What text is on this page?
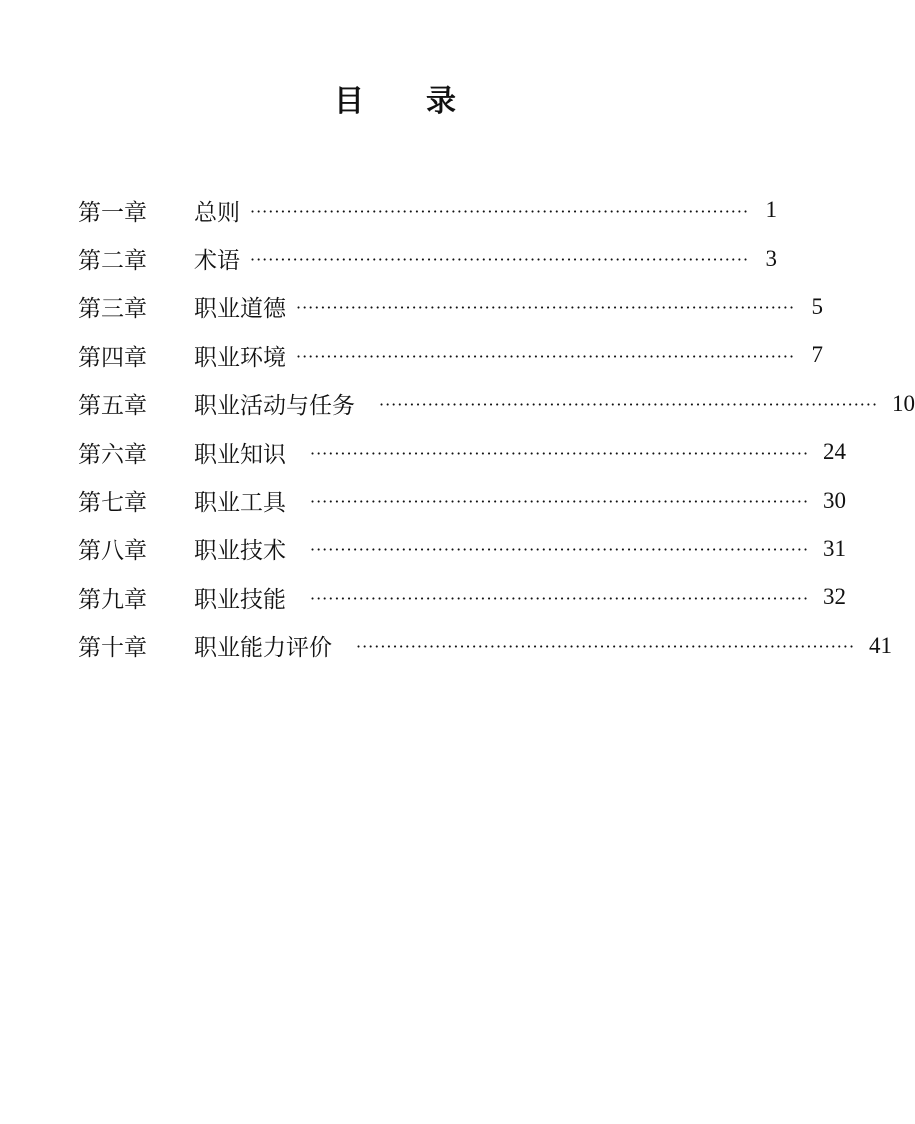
目 录
第一章	总则 ·················································································· 1
第二章	术语 ·················································································· 3
第三章	职业道德 ·················································································· 5
第四章	职业环境 ·················································································· 7
第五章	职业活动与任务 ·················································································· 10
第六章	职业知识 ·················································································· 24
第七章	职业工具 ·················································································· 30
第八章	职业技术 ·················································································· 31
第九章	职业技能 ·················································································· 32
第十章	职业能力评价 ·················································································· 41
